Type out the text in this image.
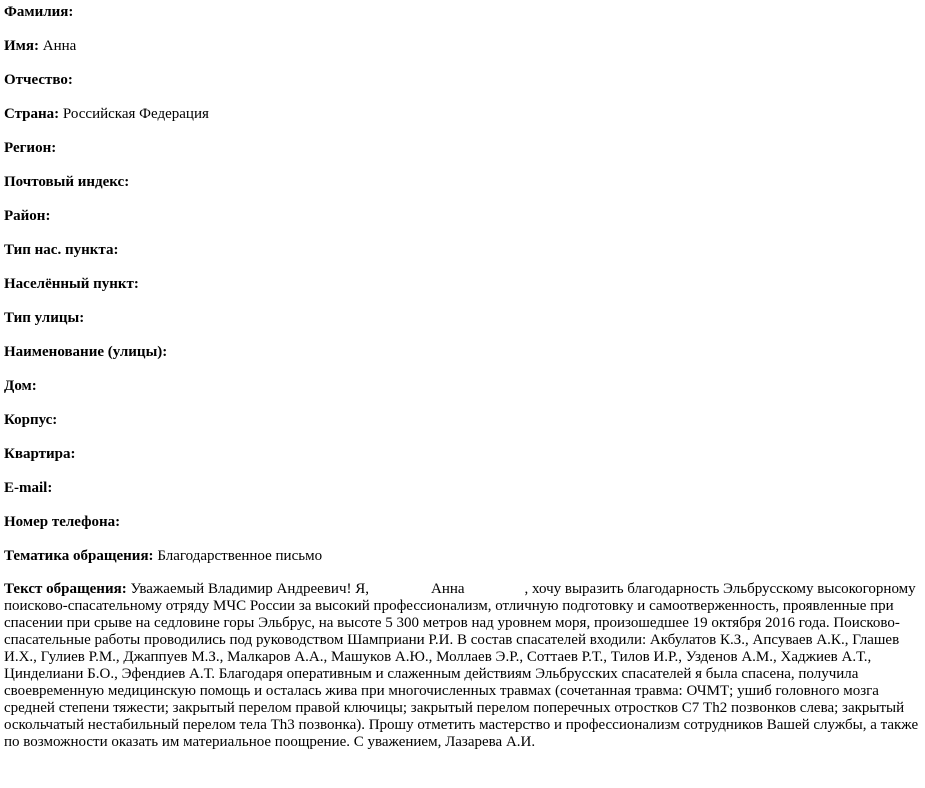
Фамилия:
Имя: Анна
Отчество:
Страна: Российская Федерация
Регион:
Почтовый индекс:
Район:
Тип нас. пункта:
Населённый пункт:
Тип улицы:
Наименование (улицы):
Дом:
Корпус:
Квартира:
E-mail:
Номер телефона:
Тематика обращения: Благодарственное письмо
Текст обращения: Уважаемый Владимир Андреевич! Я,	Анна	, хочу выразить благодарность Эльбрусскому высокогорному поисково-спасательному отряду МЧС России за высокий профессионализм, отличную подготовку и самоотверженность, проявленные при спасении при срыве на седловине горы Эльбрус, на высоте 5 300 метров над уровнем моря, произошедшее 19 октября 2016 года. Поисково-спасательные работы проводились под руководством Шамприани Р.И. В состав спасателей входили: Акбулатов К.З., Апсуваев А.К., Глашев И.Х., Гулиев Р.М., Джаппуев М.З., Малкаров А.А., Машуков А.Ю., Моллаев Э.Р., Соттаев Р.Т., Тилов И.Р., Узденов А.М., Хаджиев А.Т., Цинделиани Б.О., Эфендиев А.Т. Благодаря оперативным и слаженным действиям Эльбрусских спасателей я была спасена, получила своевременную медицинскую помощь и осталась жива при многочисленных травмах (сочетанная травма: ОЧМТ; ушиб головного мозга средней степени тяжести; закрытый перелом правой ключицы; закрытый перелом поперечных отростков С7 Th2 позвонков слева; закрытый оскольчатый нестабильный перелом тела Th3 позвонка). Прошу отметить мастерство и профессионализм сотрудников Вашей службы, а также по возможности оказать им материальное поощрение. С уважением, Лазарева А.И.
